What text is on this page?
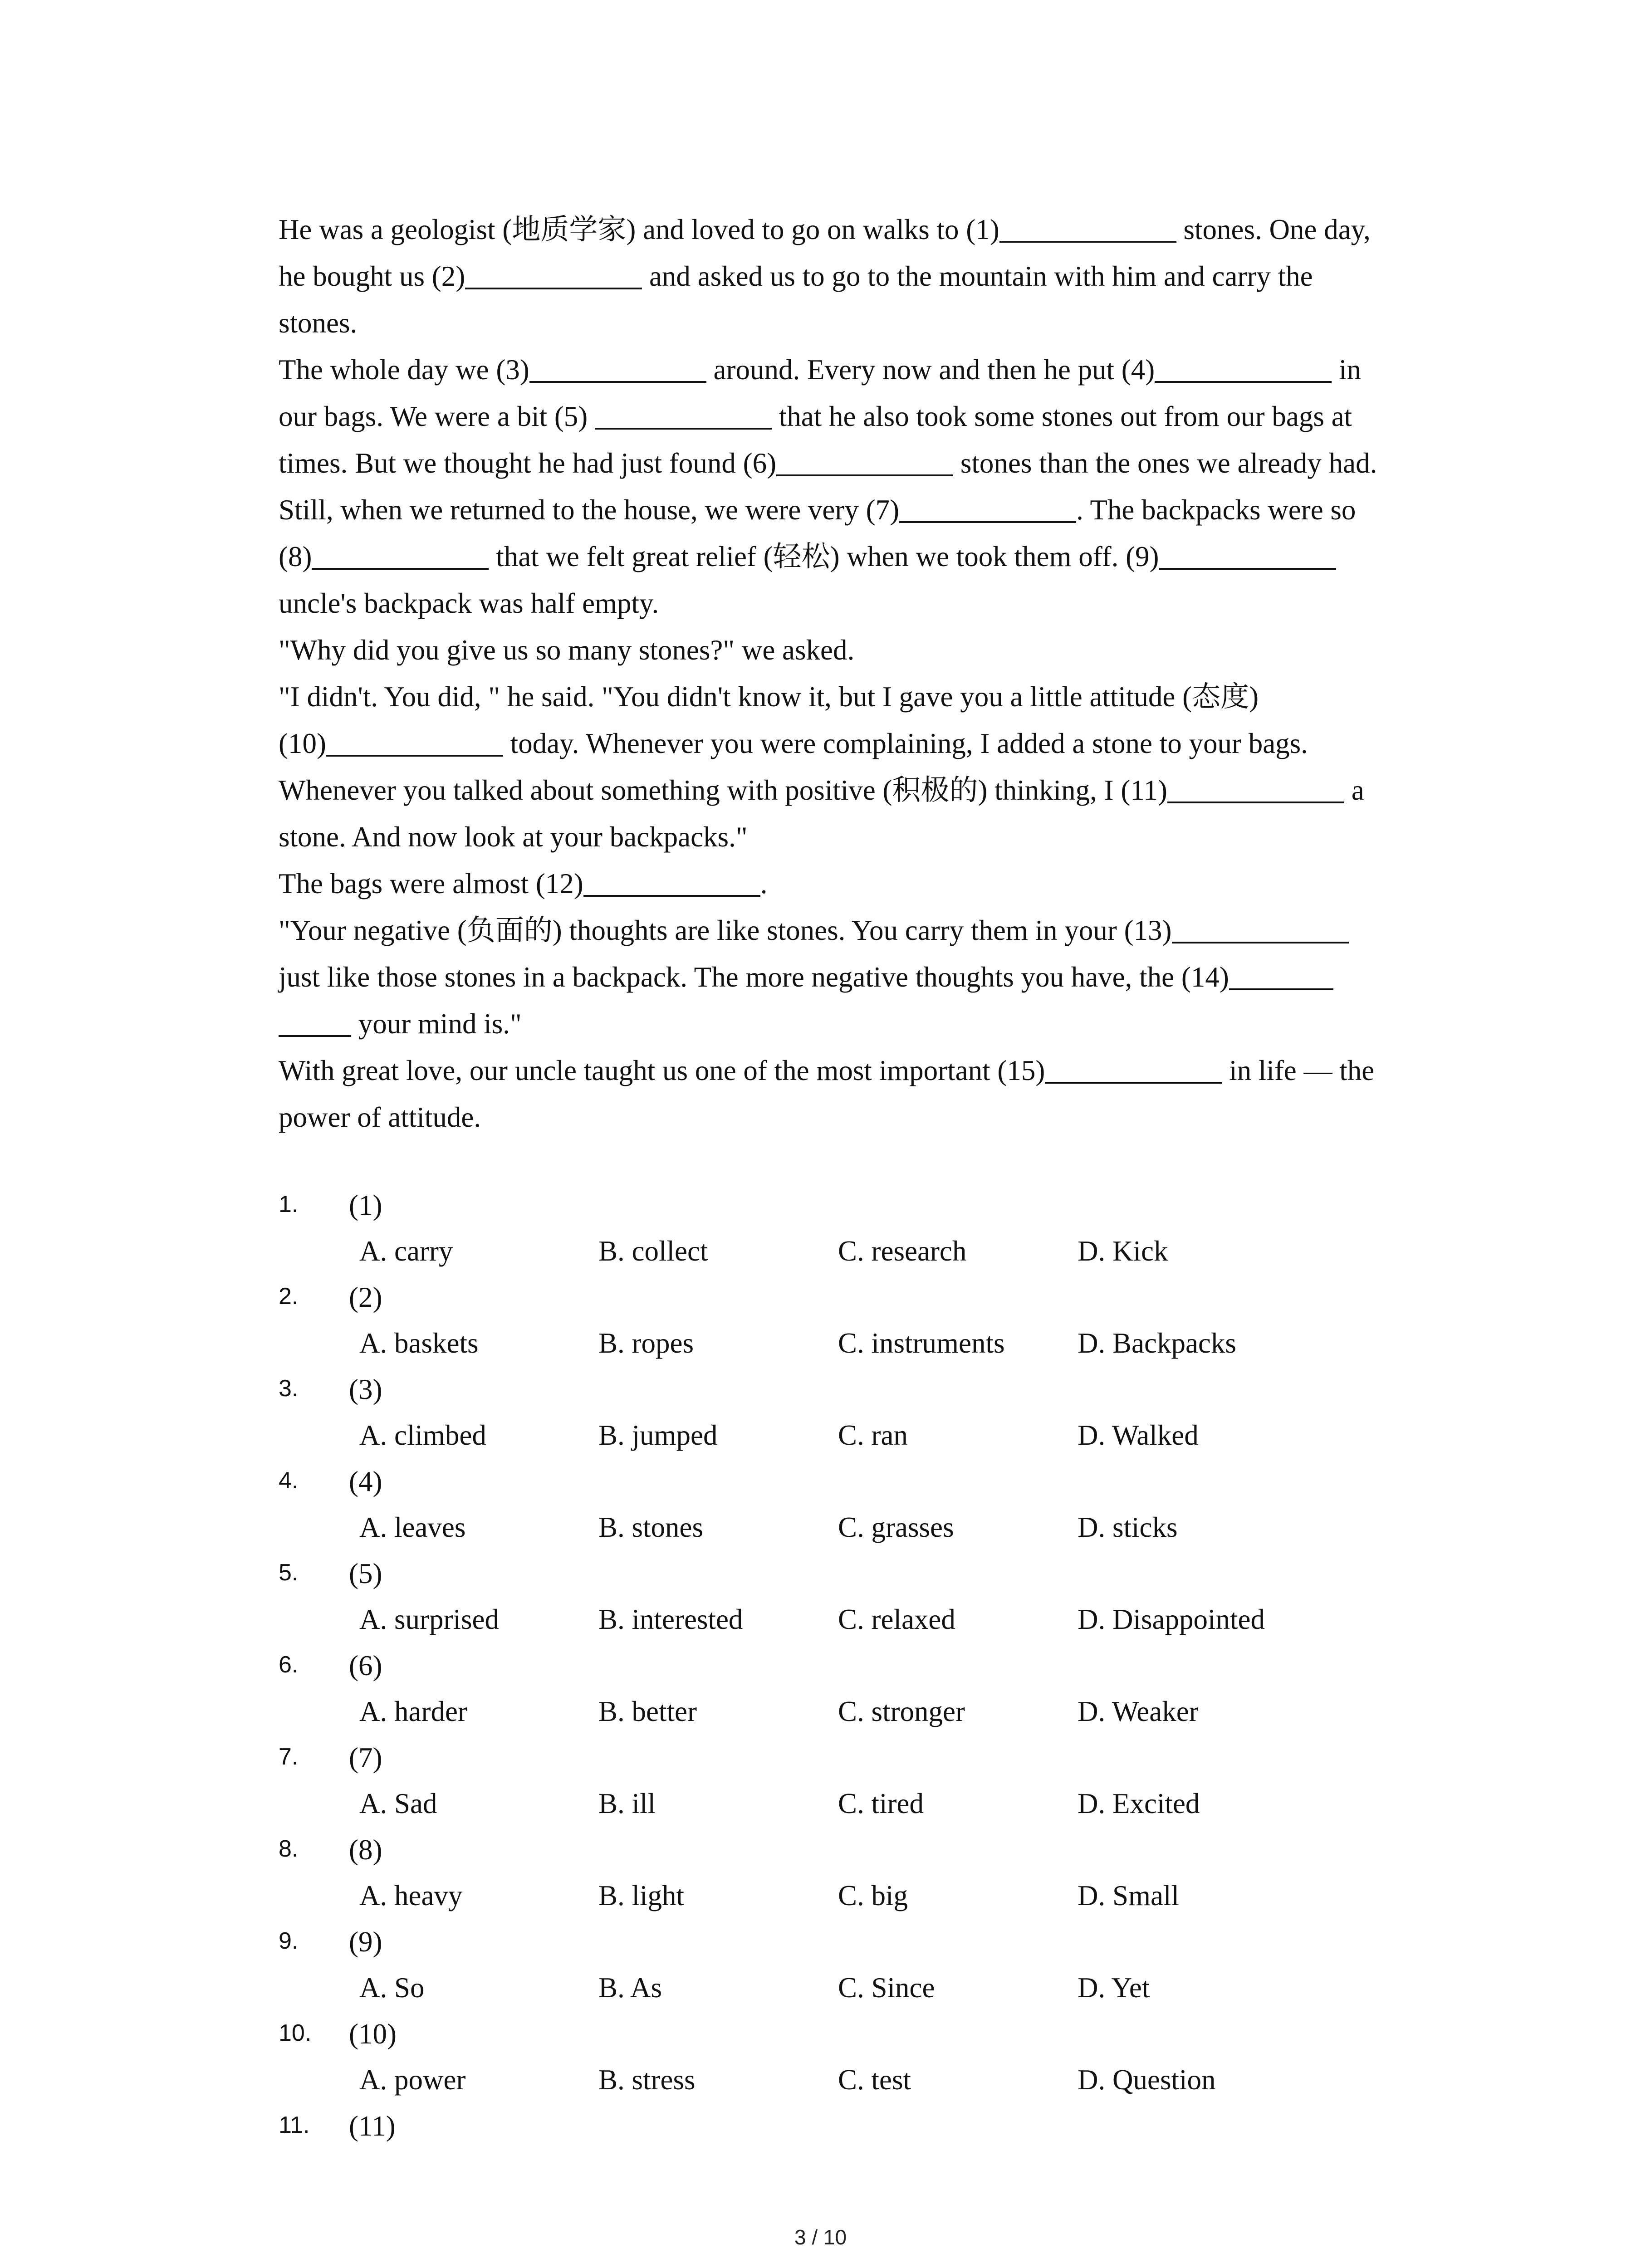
He was a geologist (地质学家) and loved to go on walks to (1)	stones. One day,

he bought us (2)	and asked us to go to the mountain with him and carry the

stones.

The whole day we (3)	around. Every now and then he put (4)	in

our bags. We were a bit (5)	that he also took some stones out from our bags at

times. But we thought he had just found (6)	stones than the ones we already had.

Still, when we returned to the house, we were very (7)	. The backpacks were so

(8)	that we felt great relief (轻松) when we took them off. (9)

uncle's backpack was half empty.

"Why did you give us so many stones?" we asked.

"I didn't. You did, " he said. "You didn't know it, but I gave you a little attitude (态度)

(10)	today. Whenever you were complaining, I added a stone to your bags.

Whenever you talked about something with positive (积极的) thinking, I (11)	a

stone. And now look at your backpacks."

The bags were almost (12)	.

"Your negative (负面的) thoughts are like stones. You carry them in your (13)

just like those stones in a backpack. The more negative thoughts you have, the (14)

your mind is."

With great love, our uncle taught us one of the most important (15)	in life — the

power of attitude.

1. (1)
A. carry	B. collect	C. research	D. Kick
2. (2)
A. baskets	B. ropes	C. instruments	D. Backpacks
3. (3)
A. climbed	B. jumped	C. ran	D. Walked
4. (4)
A. leaves	B. stones	C. grasses	D. sticks
5. (5)
A. surprised	B. interested	C. relaxed	D. Disappointed
6. (6)
A. harder	B. better	C. stronger	D. Weaker
7. (7)
A. Sad	B. ill	C. tired	D. Excited
8. (8)
A. heavy	B. light	C. big	D. Small
9. (9)
A. So	B. As	C. Since	D. Yet
10. (10)
A. power	B. stress	C. test	D. Question
11. (11)
3 / 10
